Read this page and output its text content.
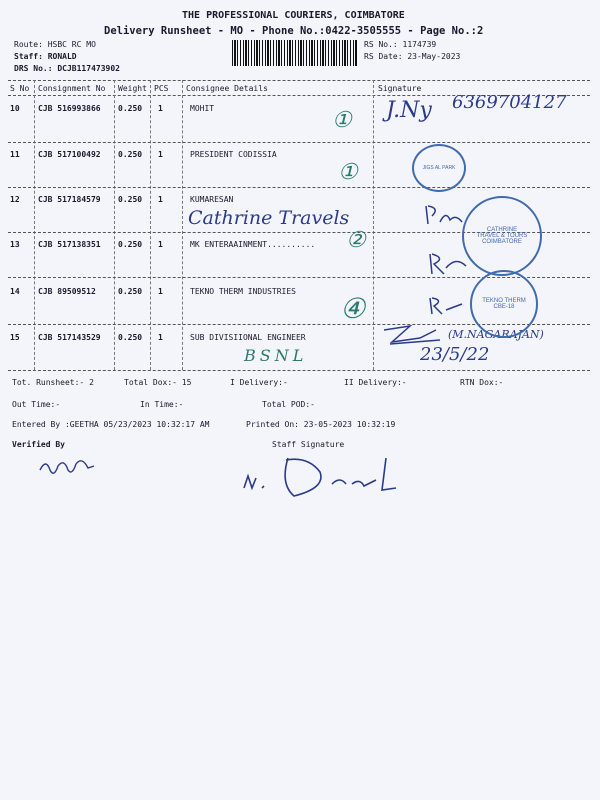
THE PROFESSIONAL COURIERS, COIMBATORE
Delivery Runsheet - MO - Phone No.:0422-3505555 - Page No.:2
Route: HSBC RC MO
Staff: RONALD
DRS No.: DCJB117473902
RS No.: 1174739
RS Date: 23-May-2023
S No Consignment No Weight PCS Consignee Details	Signature
10 CJB 516993866 0.250 1	MOHIT
11 CJB 517100492 0.250 1	PRESIDENT CODISSIA
12 CJB 517184579 0.250 1	KUMARESAN
13 CJB 517138351 0.250 1	MK ENTERAAINMENT..........
14 CJB 89509512	0.250 1	TEKNO THERM INDUSTRIES
15 CJB 517143529 0.250 1	SUB DIVISIIONAL ENGINEER
① J.Ny 6369704127
①
Cathrine Travels
②
④
BSNL
(M.NAGARAJAN)
23/5/22
JIGS AL PARK
CATHRINE TRAVEL & TOURS COIMBATORE
TEKNO THERM CBE-18
Tot. Runsheet:- 2	Total Dox:- 15	I Delivery:-	II Delivery:-	RTN Dox:-
Out Time:-	In Time:-	Total POD:-
Entered By :GEETHA 05/23/2023 10:32:17 AM	Printed On: 23-05-2023 10:32:19
Verified By	Staff Signature
